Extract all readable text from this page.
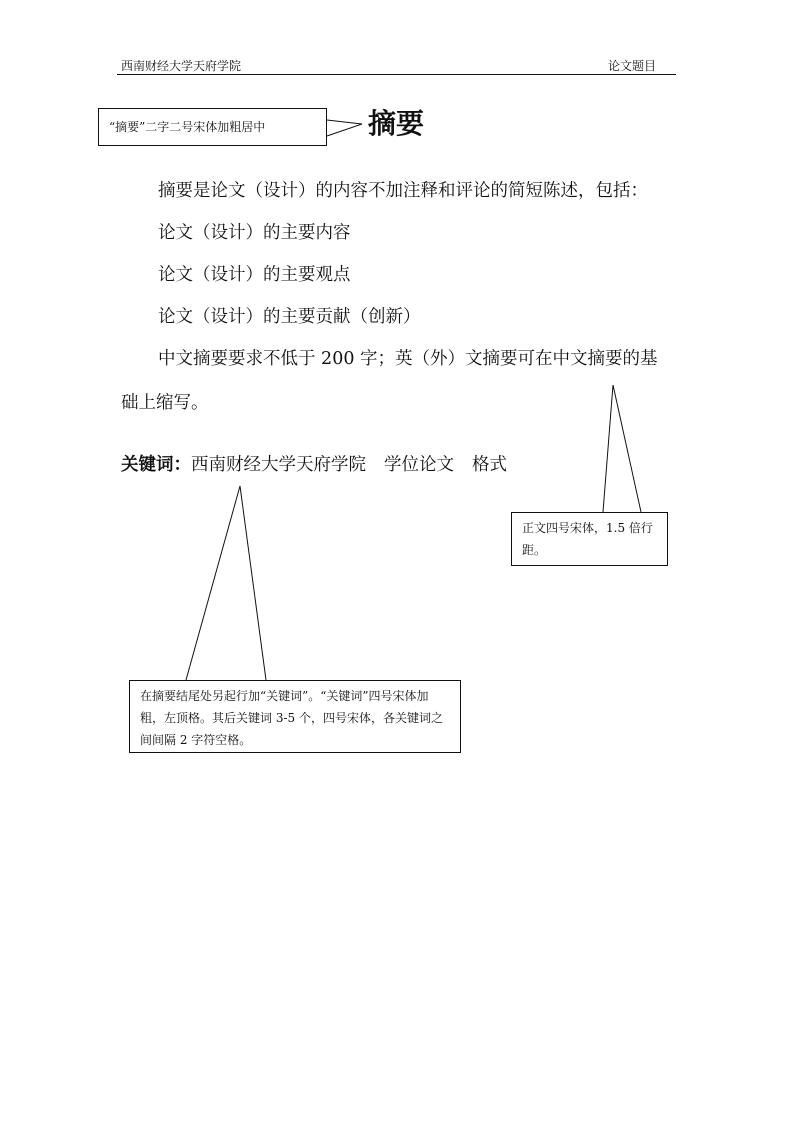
西南财经大学天府学院	论文题目
“摘要”二字二号宋体加粗居中
正文四号宋体，1.5 倍行距。
在摘要结尾处另起行加“关键词”。“关键词”四号宋体加粗，左顶格。其后关键词 3-5 个，四号宋体，各关键词之间间隔 2 字符空格。
摘要
摘要是论文（设计）的内容不加注释和评论的简短陈述，包括：
论文（设计）的主要内容
论文（设计）的主要观点
论文（设计）的主要贡献（创新）
中文摘要要求不低于 200 字；英（外）文摘要可在中文摘要的基
础上缩写。
关键词：西南财经大学天府学院 学位论文 格式
